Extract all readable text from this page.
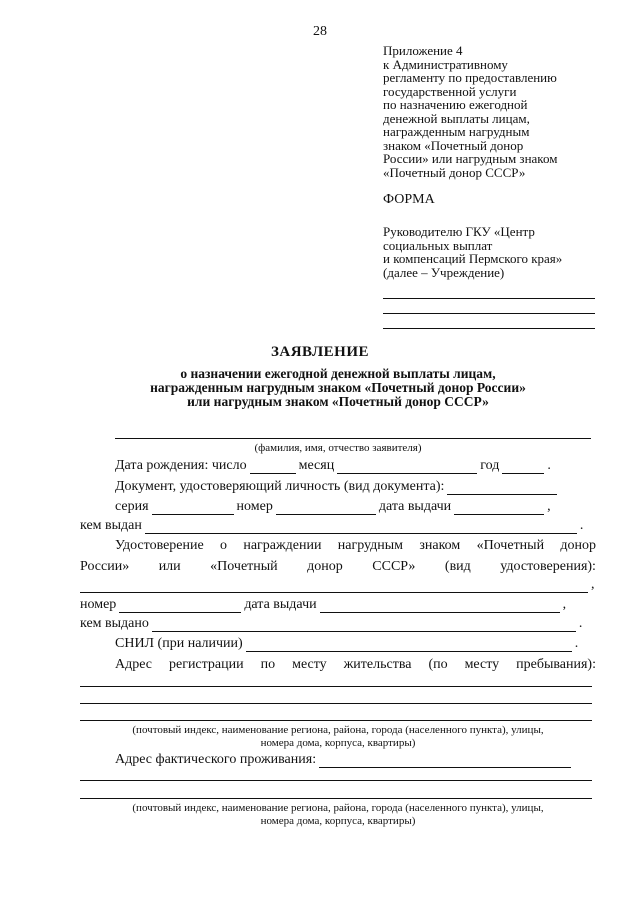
28
Приложение 4
к Административному
регламенту по предоставлению
государственной услуги
по назначению ежегодной
денежной выплаты лицам,
награжденным нагрудным
знаком «Почетный донор
России» или нагрудным знаком
«Почетный донор СССР»
ФОРМА
Руководителю ГКУ «Центр
социальных выплат
и компенсаций Пермского края»
(далее – Учреждение)
ЗАЯВЛЕНИЕ
о назначении ежегодной денежной выплаты лицам,
награжденным нагрудным знаком «Почетный донор России»
или нагрудным знаком «Почетный донор СССР»
(фамилия, имя, отчество заявителя)
Дата рождения: число	месяц	год	.
Документ, удостоверяющий личность (вид документа):
серия	номер	дата выдачи	,
кем выдан	.
Удостоверение о награждении нагрудным знаком «Почетный донор
России» или «Почетный донор СССР» (вид удостоверения):
,
номер	дата выдачи	,
кем выдано	.
СНИЛ (при наличии)	.
Адрес регистрации по месту жительства (по месту пребывания):
(почтовый индекс, наименование региона, района, города (населенного пункта), улицы,
номера дома, корпуса, квартиры)
Адрес фактического проживания:
(почтовый индекс, наименование региона, района, города (населенного пункта), улицы,
номера дома, корпуса, квартиры)
